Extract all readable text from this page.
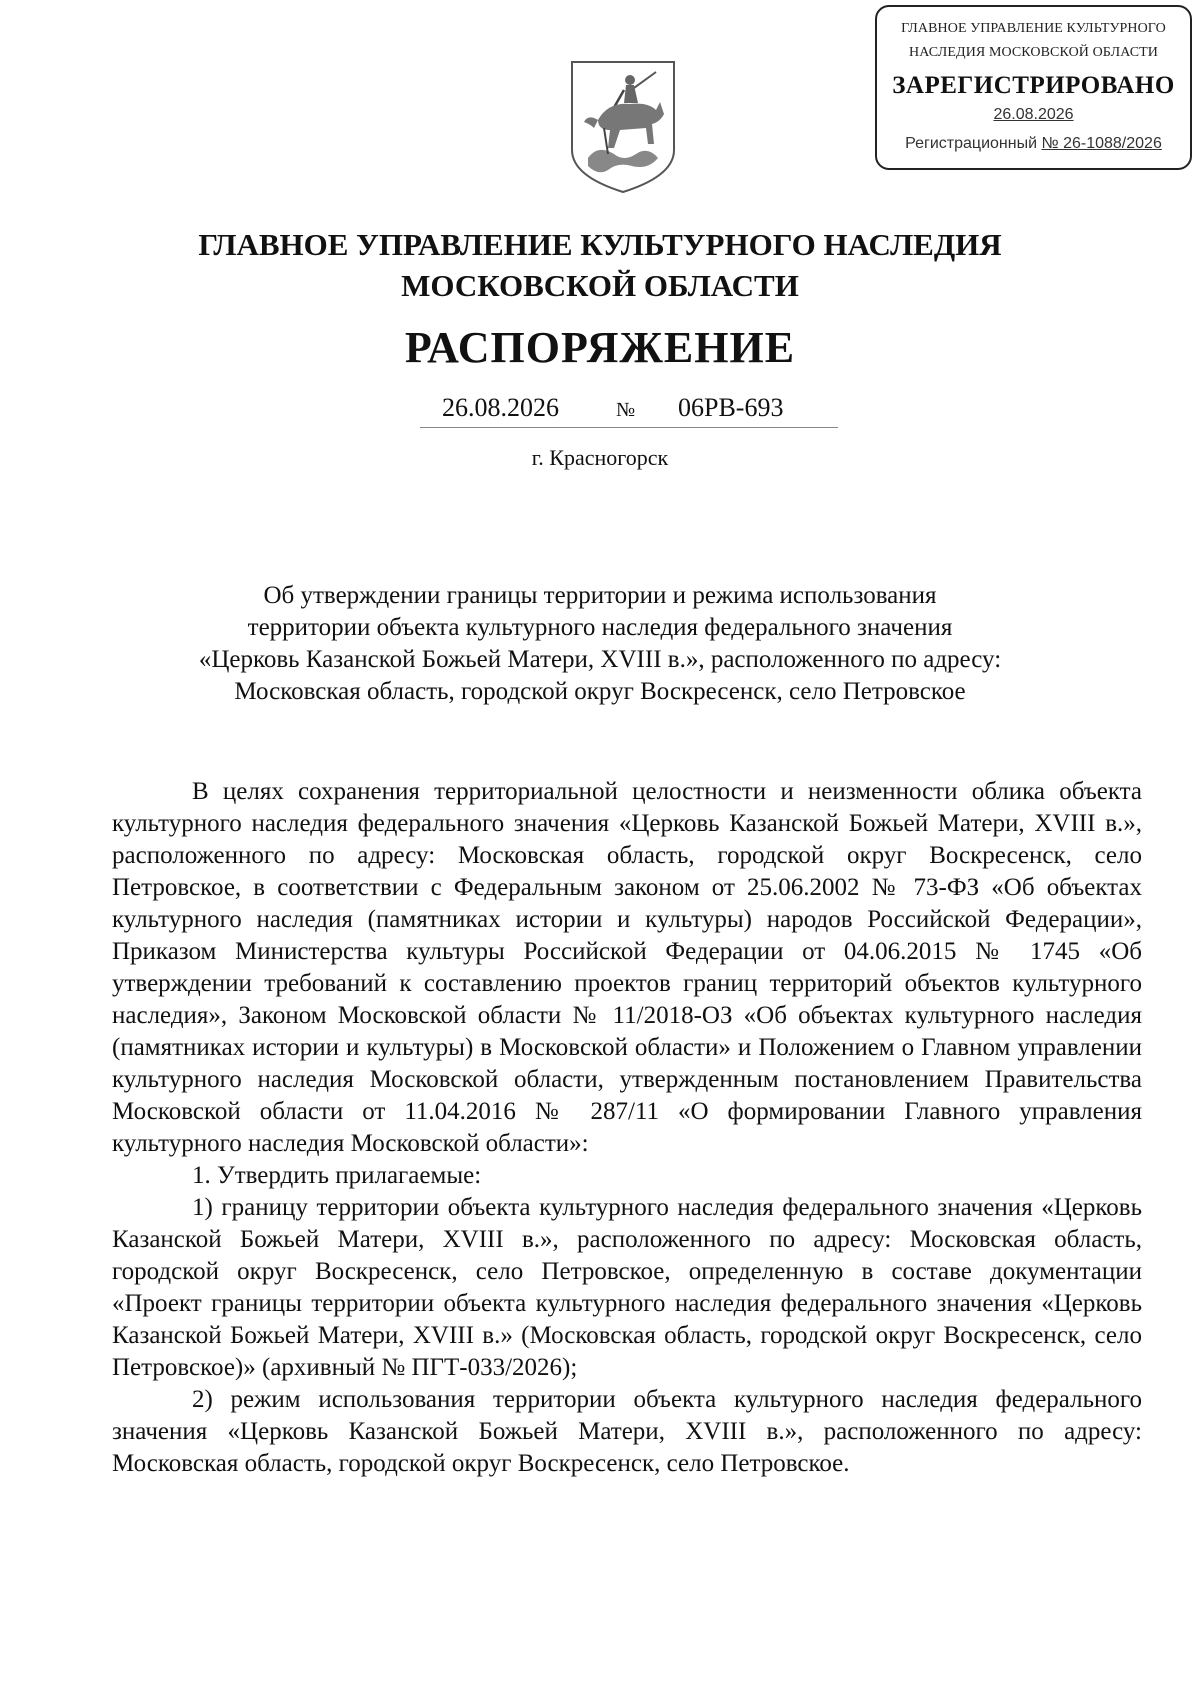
ГЛАВНОЕ УПРАВЛЕНИЕ КУЛЬТУРНОГО
НАСЛЕДИЯ МОСКОВСКОЙ ОБЛАСТИ
ЗАРЕГИСТРИРОВАНО
26.08.2026
Регистрационный № 26-1088/2026
ГЛАВНОЕ УПРАВЛЕНИЕ КУЛЬТУРНОГО НАСЛЕДИЯ
МОСКОВСКОЙ ОБЛАСТИ
РАСПОРЯЖЕНИЕ
26.08.2026	№ 06РВ-693
г. Красногорск
Об утверждении границы территории и режима использования
территории объекта культурного наследия федерального значения
«Церковь Казанской Божьей Матери, XVIII в.», расположенного по адресу:
Московская область, городской округ Воскресенск, село Петровское

В целях сохранения территориальной целостности и неизменности облика объекта культурного наследия федерального значения «Церковь Казанской Божьей Матери, XVIII в.», расположенного по адресу: Московская область, городской округ Воскресенск, село Петровское, в соответствии с Федеральным законом от 25.06.2002 № 73-ФЗ «Об объектах культурного наследия (памятниках истории и культуры) народов Российской Федерации», Приказом Министерства культуры Российской Федерации от 04.06.2015 № 1745 «Об утверждении требований к составлению проектов границ территорий объектов культурного наследия», Законом Московской области № 11/2018-ОЗ «Об объектах культурного наследия (памятниках истории и культуры) в Московской области» и Положением о Главном управлении культурного наследия Московской области, утвержденным постановлением Правительства Московской области от 11.04.2016 № 287/11 «О формировании Главного управления культурного наследия Московской области»:

1. Утвердить прилагаемые:

1) границу территории объекта культурного наследия федерального значения «Церковь Казанской Божьей Матери, XVIII в.», расположенного по адресу: Московская область, городской округ Воскресенск, село Петровское, определенную в составе документации «Проект границы территории объекта культурного наследия федерального значения «Церковь Казанской Божьей Матери, XVIII в.» (Московская область, городской округ Воскресенск, село Петровское)» (архивный № ПГТ-033/2026);

2) режим использования территории объекта культурного наследия федерального значения «Церковь Казанской Божьей Матери, XVIII в.», расположенного по адресу: Московская область, городской округ Воскресенск, село Петровское.
